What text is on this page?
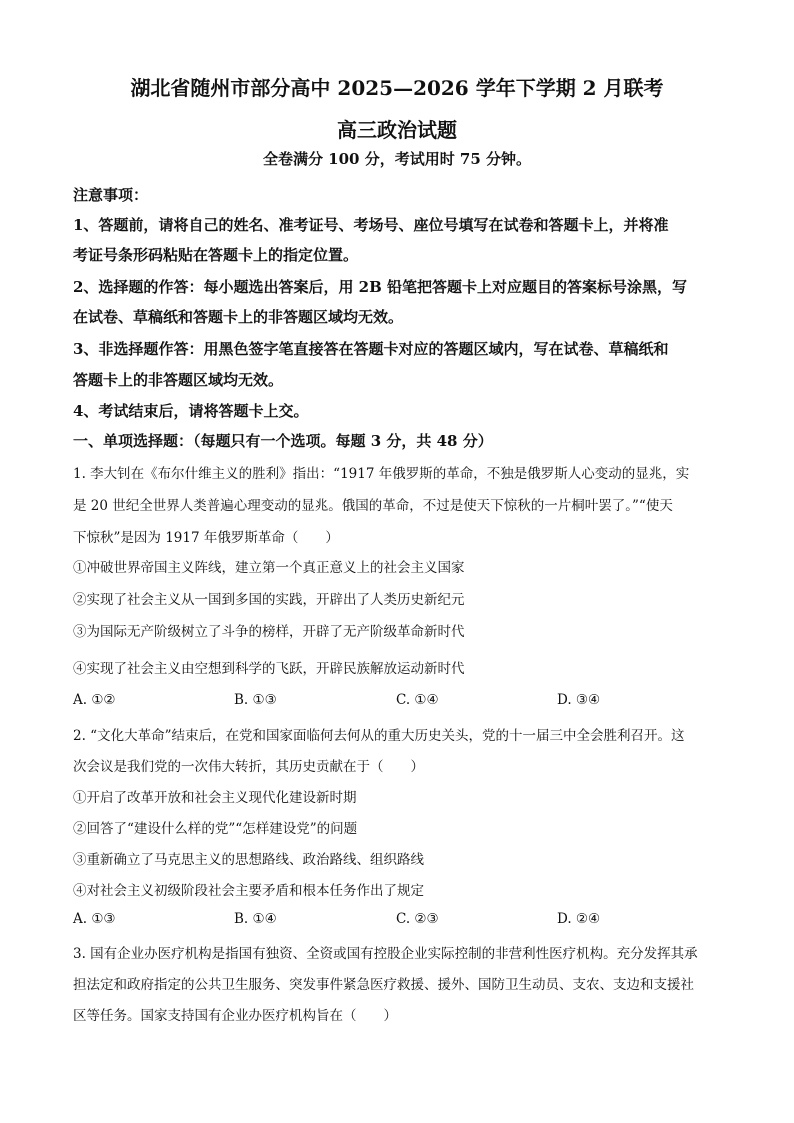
湖北省随州市部分高中 2025—2026 学年下学期 2 月联考
高三政治试题
全卷满分 100 分，考试用时 75 分钟。
注意事项：
1、答题前，请将自己的姓名、准考证号、考场号、座位号填写在试卷和答题卡上，并将准
考证号条形码粘贴在答题卡上的指定位置。
2、选择题的作答：每小题选出答案后，用 2B 铅笔把答题卡上对应题目的答案标号涂黑，写
在试卷、草稿纸和答题卡上的非答题区域均无效。
3、非选择题作答：用黑色签字笔直接答在答题卡对应的答题区域内，写在试卷、草稿纸和
答题卡上的非答题区域均无效。
4、考试结束后，请将答题卡上交。
一、单项选择题：（每题只有一个选项。每题 3 分，共 48 分）
1. 李大钊在《布尔什维主义的胜利》指出：“1917 年俄罗斯的革命，不独是俄罗斯人心变动的显兆，实
是 20 世纪全世界人类普遍心理变动的显兆。俄国的革命，不过是使天下惊秋的一片桐叶罢了。”“使天
下惊秋”是因为 1917 年俄罗斯革命（　　）
①冲破世界帝国主义阵线，建立第一个真正意义上的社会主义国家
②实现了社会主义从一国到多国的实践，开辟出了人类历史新纪元
③为国际无产阶级树立了斗争的榜样，开辟了无产阶级革命新时代
④实现了社会主义由空想到科学的飞跃，开辟民族解放运动新时代
A. ①②	B. ①③	C. ①④	D. ③④
2. “文化大革命”结束后，在党和国家面临何去何从的重大历史关头，党的十一届三中全会胜利召开。这
次会议是我们党的一次伟大转折，其历史贡献在于（　　）
①开启了改革开放和社会主义现代化建设新时期
②回答了“建设什么样的党”“怎样建设党”的问题
③重新确立了马克思主义的思想路线、政治路线、组织路线
④对社会主义初级阶段社会主要矛盾和根本任务作出了规定
A. ①③	B. ①④	C. ②③	D. ②④
3. 国有企业办医疗机构是指国有独资、全资或国有控股企业实际控制的非营利性医疗机构。充分发挥其承
担法定和政府指定的公共卫生服务、突发事件紧急医疗救援、援外、国防卫生动员、支农、支边和支援社
区等任务。国家支持国有企业办医疗机构旨在（　　）
